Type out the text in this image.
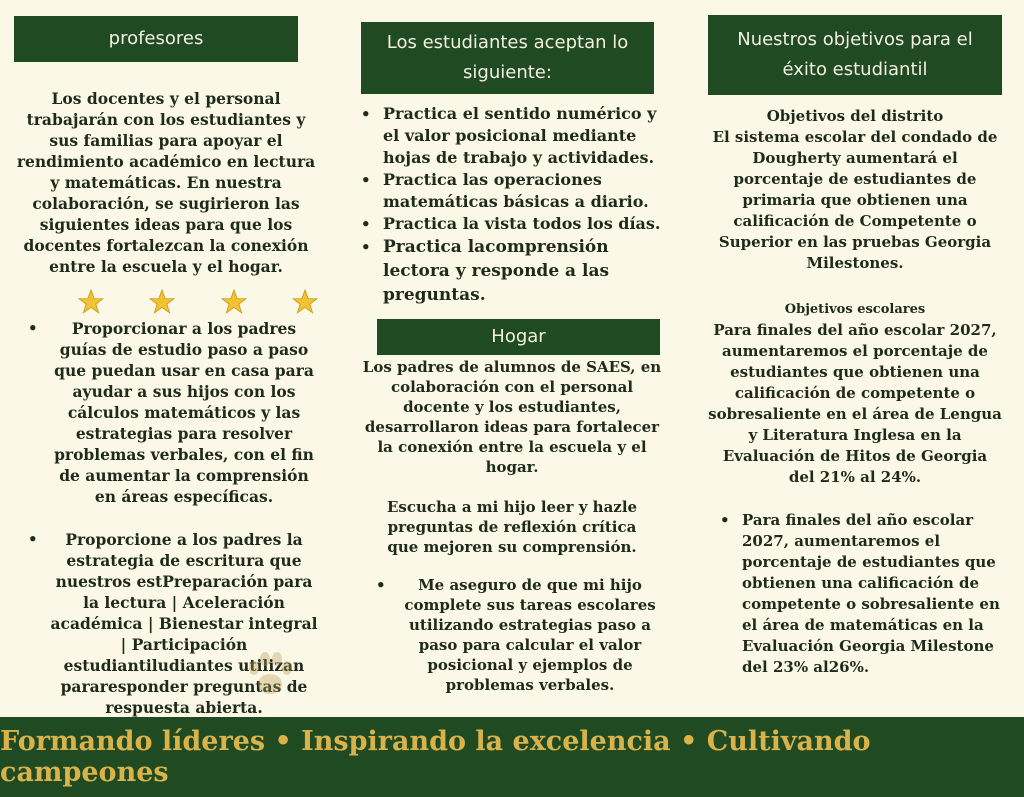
profesores

Los docentes y el personal trabajarán con los estudiantes y sus familias para apoyar el rendimiento académico en lectura y matemáticas. En nuestra colaboración, se sugirieron las siguientes ideas para que los docentes fortalezcan la conexión entre la escuela y el hogar.

• Proporcionar a los padres guías de estudio paso a paso que puedan usar en casa para ayudar a sus hijos con los cálculos matemáticos y las estrategias para resolver problemas verbales, con el fin de aumentar la comprensión en áreas específicas.
• Proporcione a los padres la estrategia de escritura que nuestros estPreparación para la lectura | Aceleración académica | Bienestar integral | Participación estudiantiludiantes utilizan pararesponder preguntas de respuesta abierta.
Los estudiantes aceptan lo siguiente:
• Practica el sentido numérico y el valor posicional mediante hojas de trabajo y actividades.
• Practica las operaciones matemáticas básicas a diario.
• Practica la vista todos los días.
• Practica lacomprensión lectora y responde a las preguntas.
Hogar

Los padres de alumnos de SAES, en colaboración con el personal docente y los estudiantes, desarrollaron ideas para fortalecer la conexión entre la escuela y el hogar.

Escucha a mi hijo leer y hazle preguntas de reflexión crítica que mejoren su comprensión.

• Me aseguro de que mi hijo complete sus tareas escolares utilizando estrategias paso a paso para calcular el valor posicional y ejemplos de problemas verbales.
Nuestros objetivos para el éxito estudiantil

Objetivos del distrito

El sistema escolar del condado de Dougherty aumentará el porcentaje de estudiantes de primaria que obtienen una calificación de Competente o Superior en las pruebas Georgia Milestones.

Objetivos escolares

Para finales del año escolar 2027, aumentaremos el porcentaje de estudiantes que obtienen una calificación de competente o sobresaliente en el área de Lengua y Literatura Inglesa en la Evaluación de Hitos de Georgia del 21% al 24%.

• Para finales del año escolar 2027, aumentaremos el porcentaje de estudiantes que obtienen una calificación de competente o sobresaliente en el área de matemáticas en la Evaluación Georgia Milestone del 23% al26%.
Formando líderes • Inspirando la excelencia • Cultivando campeones
